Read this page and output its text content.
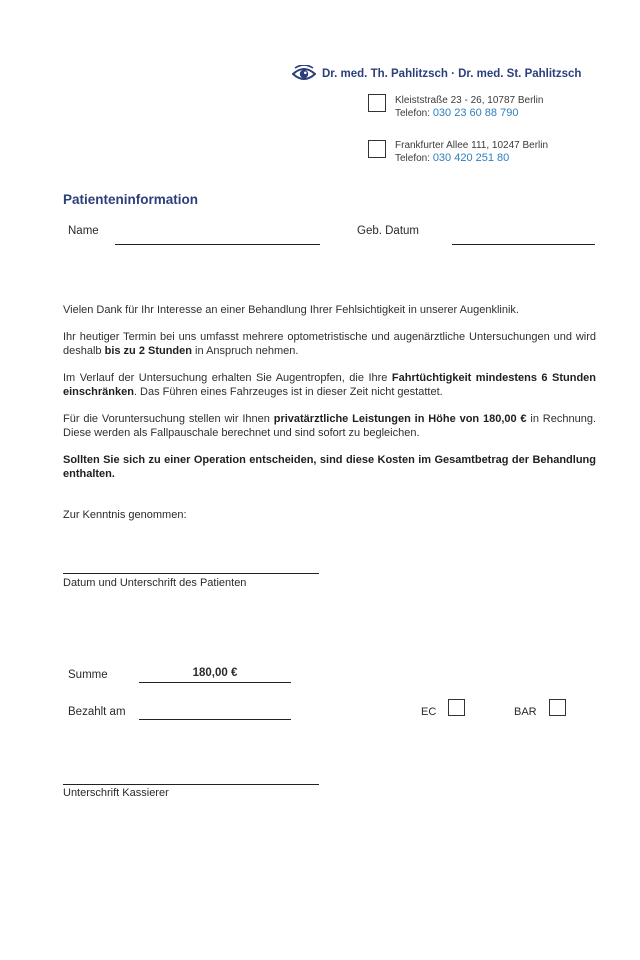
Dr. med. Th. Pahlitzsch · Dr. med. St. Pahlitzsch
Kleiststraße 23 - 26, 10787 Berlin
Telefon: 030 23 60 88 790
Frankfurter Allee 111, 10247 Berlin
Telefon: 030 420 251 80
Patienteninformation
Name	Geb. Datum

Vielen Dank für Ihr Interesse an einer Behandlung Ihrer Fehlsichtigkeit in unserer Augenklinik.

Ihr heutiger Termin bei uns umfasst mehrere optometristische und augenärztliche Untersuchungen und wird deshalb bis zu 2 Stunden in Anspruch nehmen.

Im Verlauf der Untersuchung erhalten Sie Augentropfen, die Ihre Fahrtüchtigkeit mindestens 6 Stunden einschränken. Das Führen eines Fahrzeuges ist in dieser Zeit nicht gestattet.

Für die Voruntersuchung stellen wir Ihnen privatärztliche Leistungen in Höhe von 180,00 € in Rechnung. Diese werden als Fallpauschale berechnet und sind sofort zu begleichen.

Sollten Sie sich zu einer Operation entscheiden, sind diese Kosten im Gesamtbetrag der Behandlung enthalten.

Zur Kenntnis genommen:
Datum und Unterschrift des Patienten
Summe	180,00 €
Bezahlt am	EC	BAR
Unterschrift Kassierer
